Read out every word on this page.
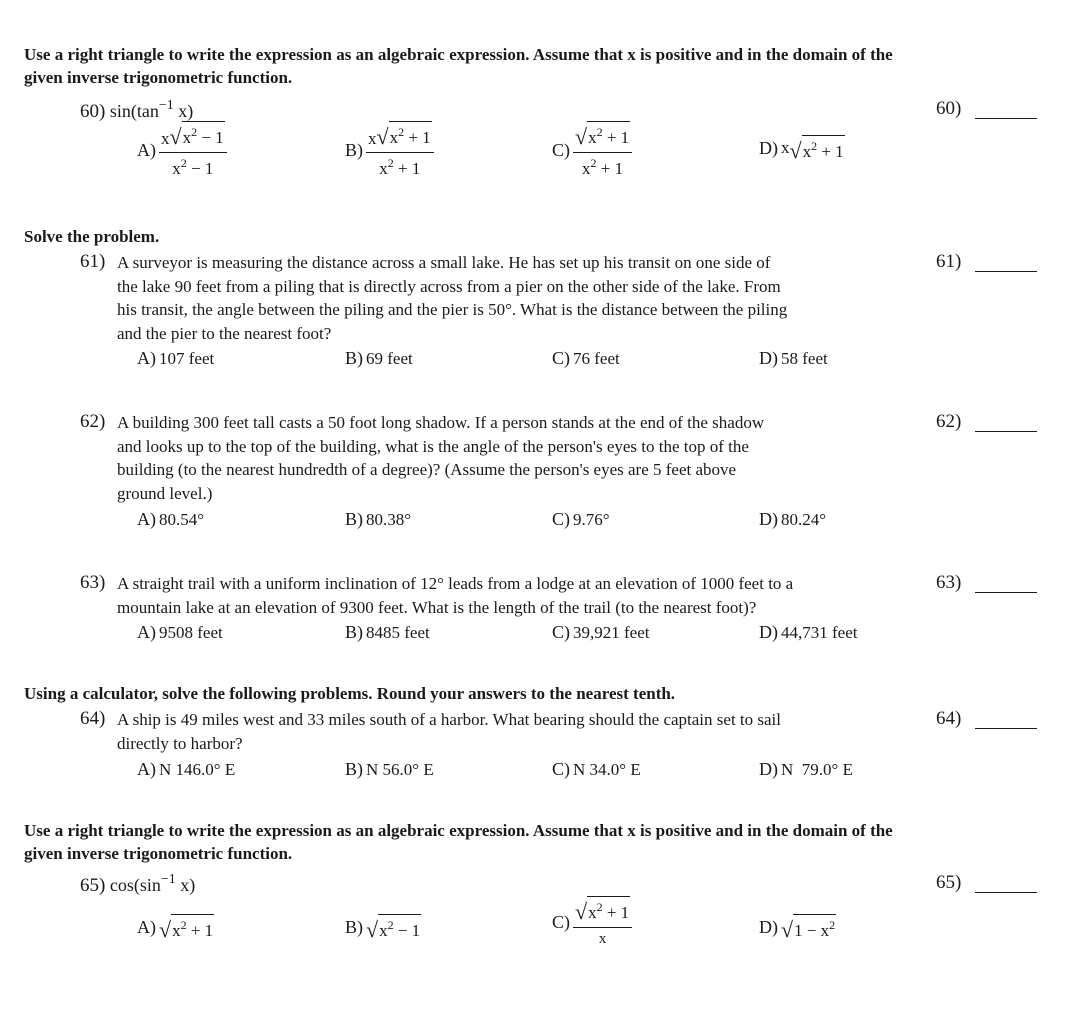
Use a right triangle to write the expression as an algebraic expression. Assume that x is positive and in the domain of the
given inverse trigonometric function.
60) $\sin(\tan^{-1}$ x)	60)
$A) \frac{x √ x^2 - 1}{x^2 - 1}$	$B) \frac{x √ x^2 + 1}{x^2 + 1}$	$C) \frac{√ x^2 + 1}{x^2 + 1}$	D) x √ $x^2 + 1$
Solve the problem.
61) A surveyor is measuring the distance across a small lake. He has set up his transit on one side of
the lake 90 feet from a piling that is directly across from a pier on the other side of the lake. From
his transit, the angle between the piling and the pier is 50°. What is the distance between the piling
and the pier to the nearest foot?
61)
A) 107 feet	B) 69 feet	C) 76 feet	D) 58 feet
62) A building 300 feet tall casts a 50 foot long shadow. If a person stands at the end of the shadow
and looks up to the top of the building, what is the angle of the person's eyes to the top of the
building (to the nearest hundredth of a degree)? (Assume the person's eyes are 5 feet above
ground level.)
62)
A) 80.54°	B) 80.38°	C) 9.76°	D) 80.24°
63) A straight trail with a uniform inclination of 12° leads from a lodge at an elevation of 1000 feet to a
mountain lake at an elevation of 9300 feet. What is the length of the trail (to the nearest foot)?
63)
A) 9508 feet	B) 8485 feet	C) 39,921 feet	D) 44,731 feet
Using a calculator, solve the following problems. Round your answers to the nearest tenth.
64) A ship is 49 miles west and 33 miles south of a harbor. What bearing should the captain set to sail
directly to harbor?
64)
A) N 146.0° E	B) N 56.0° E	C) N 34.0° E	D) N  79.0° E
Use a right triangle to write the expression as an algebraic expression. Assume that x is positive and in the domain of the
given inverse trigonometric function.
65) $\cos(\sin^{-1}$ x)	65)
A) √ $x^2 + 1$	B) √ $x^2 - 1$	$C) \frac{√ x^2 + 1}{x}$	D) √ $1 - x^2$
